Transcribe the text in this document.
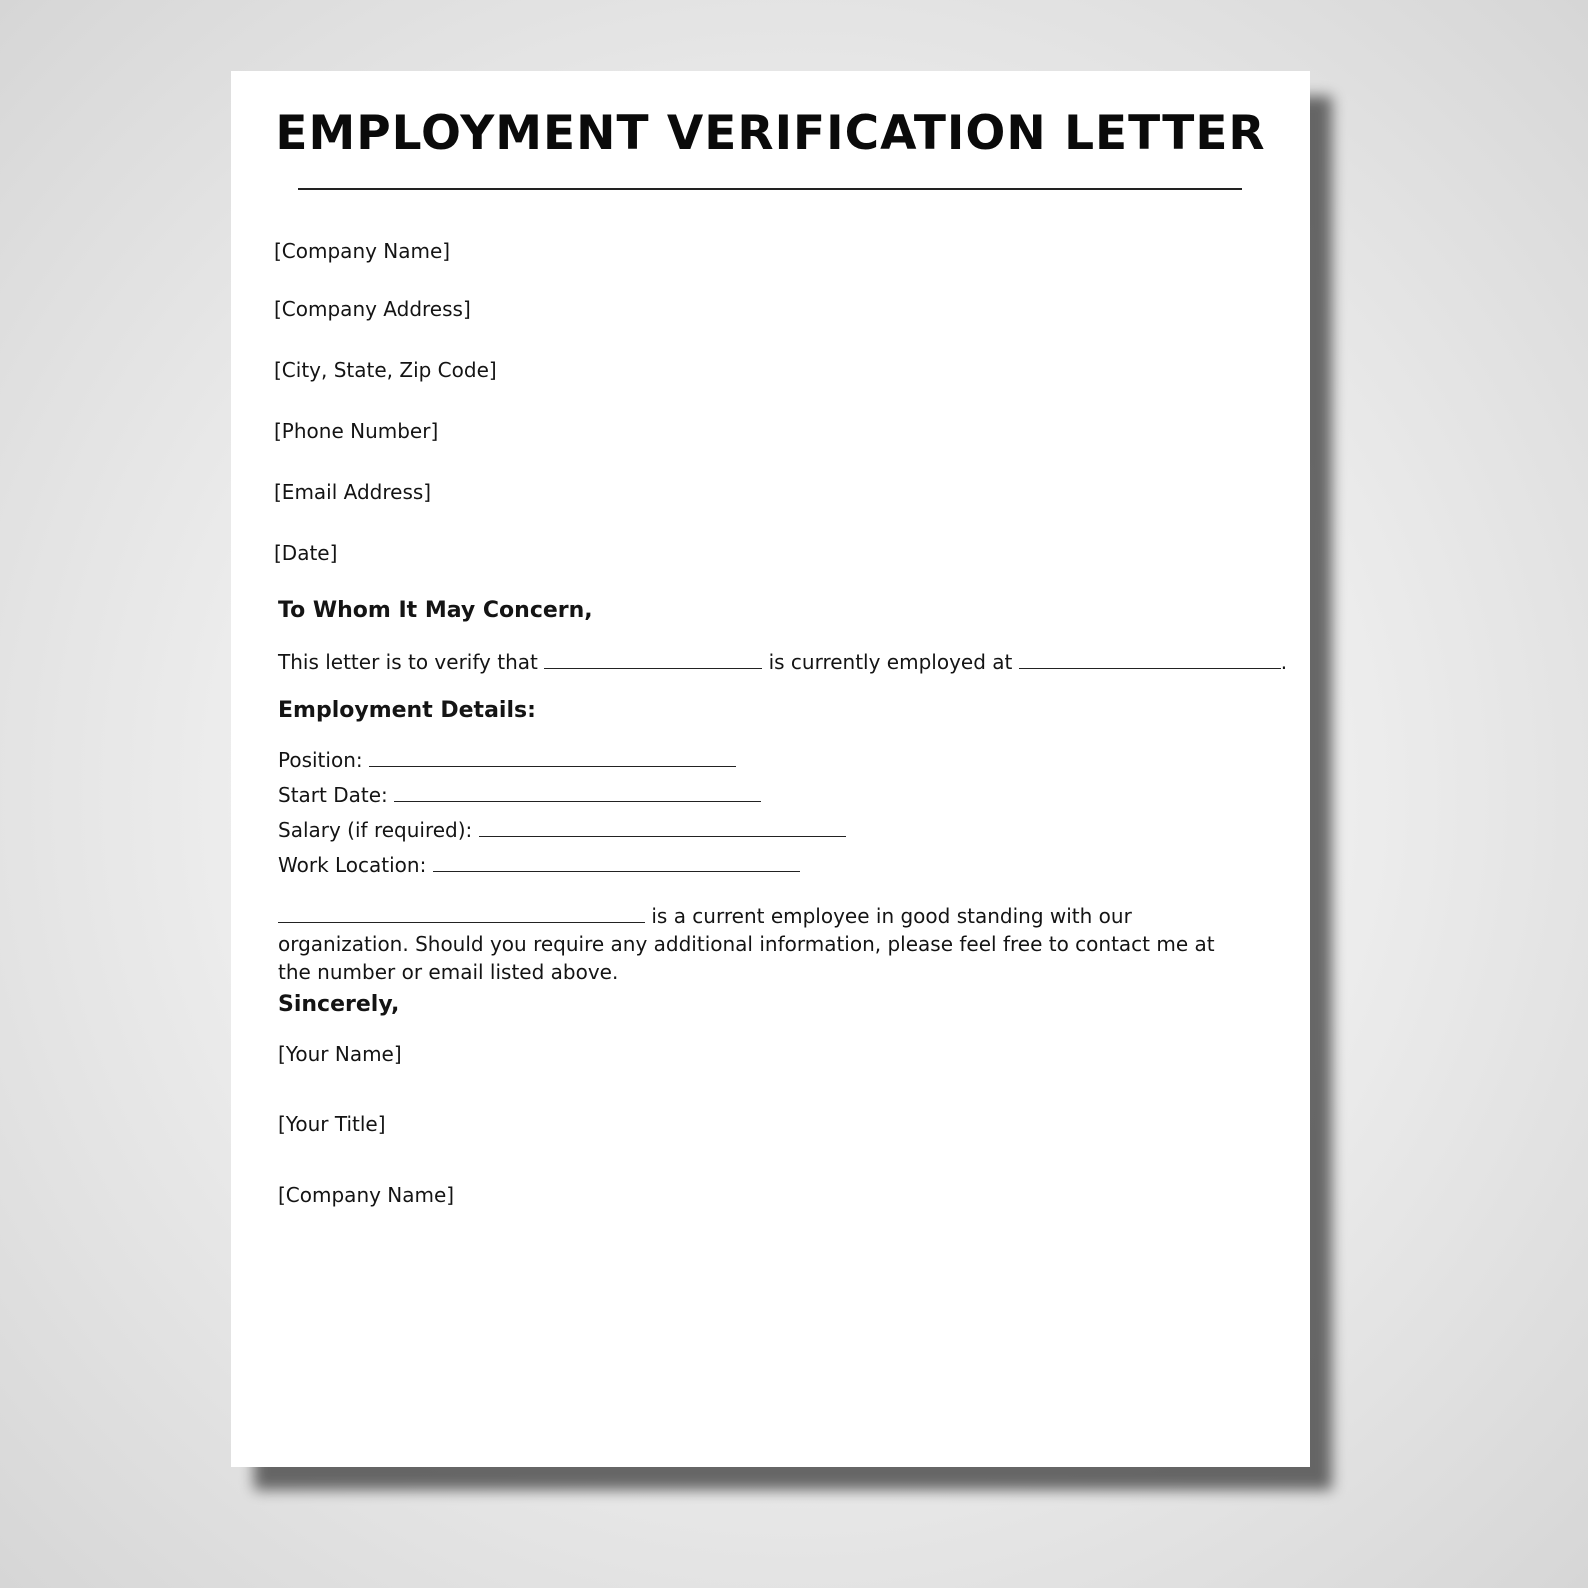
EMPLOYMENT VERIFICATION LETTER

[Company Name]

[Company Address]

[City, State, Zip Code]

[Phone Number]

[Email Address]

[Date]

To Whom It May Concern,

This letter is to verify that	is currently employed at	.

Employment Details:

Position:

Start Date:

Salary (if required):

Work Location:

is a current employee in good standing with our organization. Should you require any additional information, please feel free to contact me at the number or email listed above.

Sincerely,

[Your Name]

[Your Title]

[Company Name]
